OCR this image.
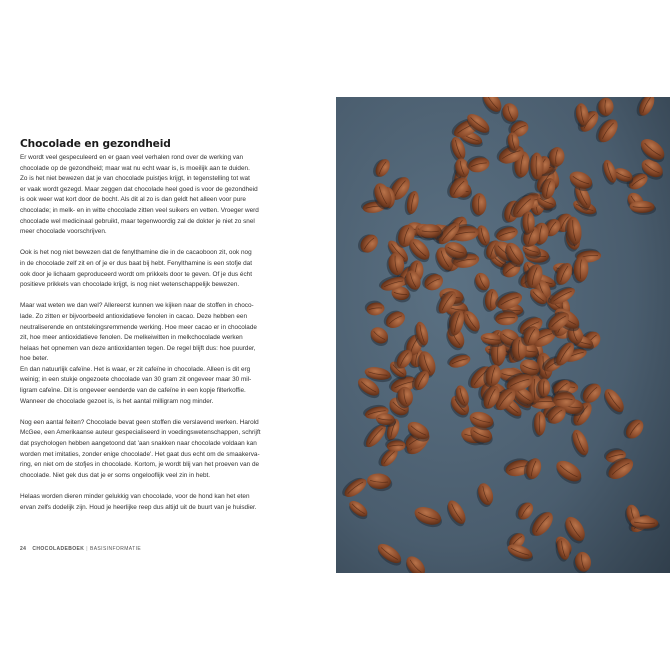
Chocolade en gezondheid
Er wordt veel gespeculeerd en er gaan veel verhalen rond over de werking van
chocolade op de gezondheid; maar wat nu echt waar is, is moeilijk aan te duiden.
Zo is het niet bewezen dat je van chocolade puistjes krijgt, in tegenstelling tot wat
er vaak wordt gezegd. Maar zeggen dat chocolade heel goed is voor de gezondheid
is ook weer wat kort door de bocht. Als dit al zo is dan geldt het alleen voor pure
chocolade; in melk- en in witte chocolade zitten veel suikers en vetten. Vroeger werd
chocolade wel medicinaal gebruikt, maar tegenwoordig zal de dokter je niet zo snel
meer chocolade voorschrijven.
Ook is het nog niet bewezen dat de fenylthamine die in de cacaoboon zit, ook nog
in de chocolade zelf zit en of je er dus baat bij hebt. Fenylthamine is een stofje dat
ook door je lichaam geproduceerd wordt om prikkels door te geven. Of je dus écht
positieve prikkels van chocolade krijgt, is nog niet wetenschappelijk bewezen.
Maar wat weten we dan wel? Allereerst kunnen we kijken naar de stoffen in choco-
lade. Zo zitten er bijvoorbeeld antioxidatieve fenolen in cacao. Deze hebben een
neutraliserende en ontstekingsremmende werking. Hoe meer cacao er in chocolade
zit, hoe meer antioxidatieve fenolen. De melkeiwitten in melkchocolade werken
helaas het opnemen van deze antioxidanten tegen. De regel blijft dus: hoe puurder,
hoe beter.
En dan natuurlijk cafeïne. Het is waar, er zit cafeïne in chocolade. Alleen is dit erg
weinig; in een stukje ongezoete chocolade van 30 gram zit ongeveer maar 30 mil-
ligram cafeïne. Dit is ongeveer eenderde van de cafeïne in een kopje filterkoffie.
Wanneer de chocolade gezoet is, is het aantal milligram nog minder.
Nog een aantal feiten? Chocolade bevat geen stoffen die verslavend werken. Harold
McGee, een Amerikaanse auteur gespecialiseerd in voedingswetenschappen, schrijft
dat psychologen hebben aangetoond dat 'aan snakken naar chocolade voldaan kan
worden met imitaties, zonder enige chocolade'. Het gaat dus echt om de smaakerva-
ring, en niet om de stofjes in chocolade. Kortom, je wordt blij van het proeven van de
chocolade. Niet gek dus dat je er soms ongelooflijk veel zin in hebt.
Helaas worden dieren minder gelukkig van chocolade, voor de hond kan het eten
ervan zelfs dodelijk zijn. Houd je heerlijke reep dus altijd uit de buurt van je huisdier.
24 CHOCOLADEBOEK | BASISINFORMATIE
